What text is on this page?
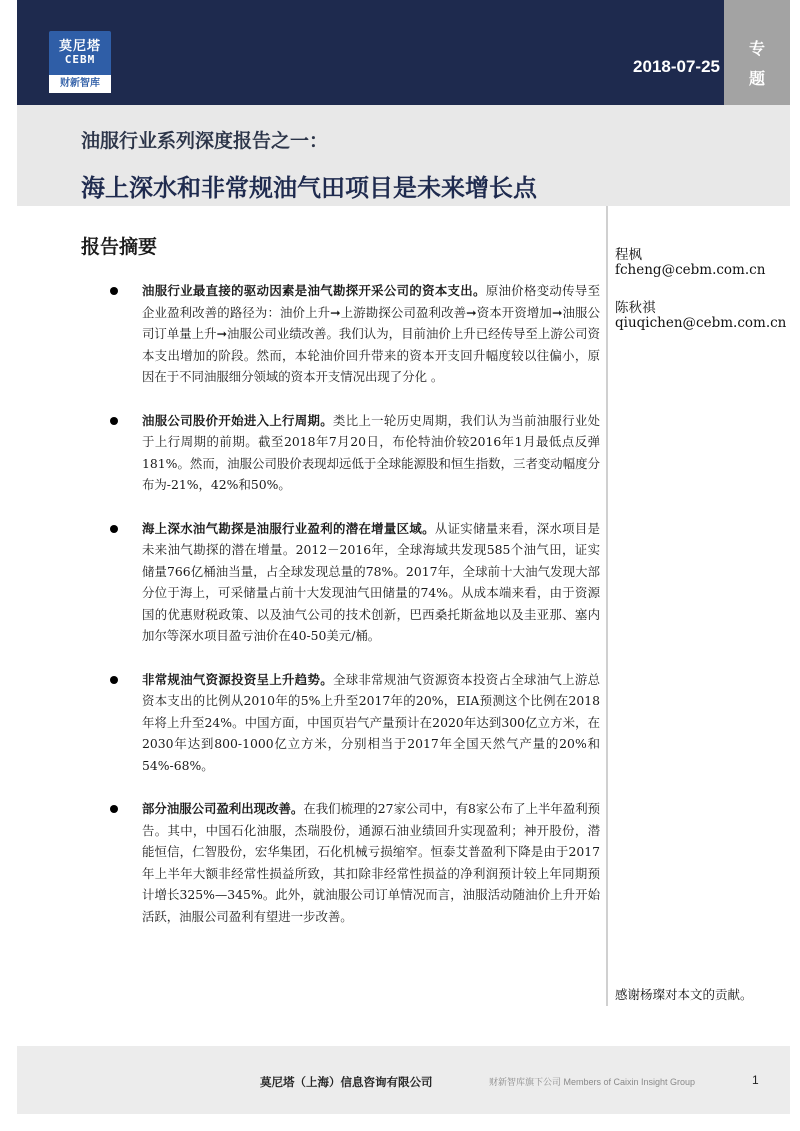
莫尼塔
CEBM
财新智库
2018-07-25
专
题
油服行业系列深度报告之一：
海上深水和非常规油气田项目是未来增长点
报告摘要
油服行业最直接的驱动因素是油气勘探开采公司的资本支出。原油价格变动传导至企业盈利改善的路径为：油价上升➞上游勘探公司盈利改善➞资本开资增加➞油服公司订单量上升➞油服公司业绩改善。我们认为，目前油价上升已经传导至上游公司资本支出增加的阶段。然而，本轮油价回升带来的资本开支回升幅度较以往偏小，原因在于不同油服细分领域的资本开支情况出现了分化 。
油服公司股价开始进入上行周期。类比上一轮历史周期，我们认为当前油服行业处于上行周期的前期。截至2018年7月20日，布伦特油价较2016年1月最低点反弹181%。然而，油服公司股价表现却远低于全球能源股和恒生指数，三者变动幅度分布为-21%，42%和50%。
海上深水油气勘探是油服行业盈利的潜在增量区域。从证实储量来看，深水项目是未来油气勘探的潜在增量。2012－2016年，全球海域共发现585个油气田，证实储量766亿桶油当量，占全球发现总量的78%。2017年，全球前十大油气发现大部分位于海上，可采储量占前十大发现油气田储量的74%。从成本端来看，由于资源国的优惠财税政策、以及油气公司的技术创新，巴西桑托斯盆地以及圭亚那、塞内加尔等深水项目盈亏油价在40-50美元/桶。
非常规油气资源投资呈上升趋势。全球非常规油气资源资本投资占全球油气上游总资本支出的比例从2010年的5%上升至2017年的20%，EIA预测这个比例在2018年将上升至24%。中国方面，中国页岩气产量预计在2020年达到300亿立方米，在2030年达到800-1000亿立方米，分别相当于2017年全国天然气产量的20%和54%-68%。
部分油服公司盈利出现改善。在我们梳理的27家公司中，有8家公布了上半年盈利预告。其中，中国石化油服，杰瑞股份，通源石油业绩回升实现盈利；神开股份，潜能恒信，仁智股份，宏华集团，石化机械亏损缩窄。恒泰艾普盈利下降是由于2017年上半年大额非经常性损益所致，其扣除非经常性损益的净利润预计较上年同期预计增长325%—345%。此外，就油服公司订单情况而言，油服活动随油价上升开始活跃，油服公司盈利有望进一步改善。
程枫
fcheng@cebm.com.cn
陈秋祺
qiuqichen@cebm.com.cn
感谢杨璨对本文的贡献。
莫尼塔（上海）信息咨询有限公司	财新智库旗下公司 Members of Caixin Insight Group	1
